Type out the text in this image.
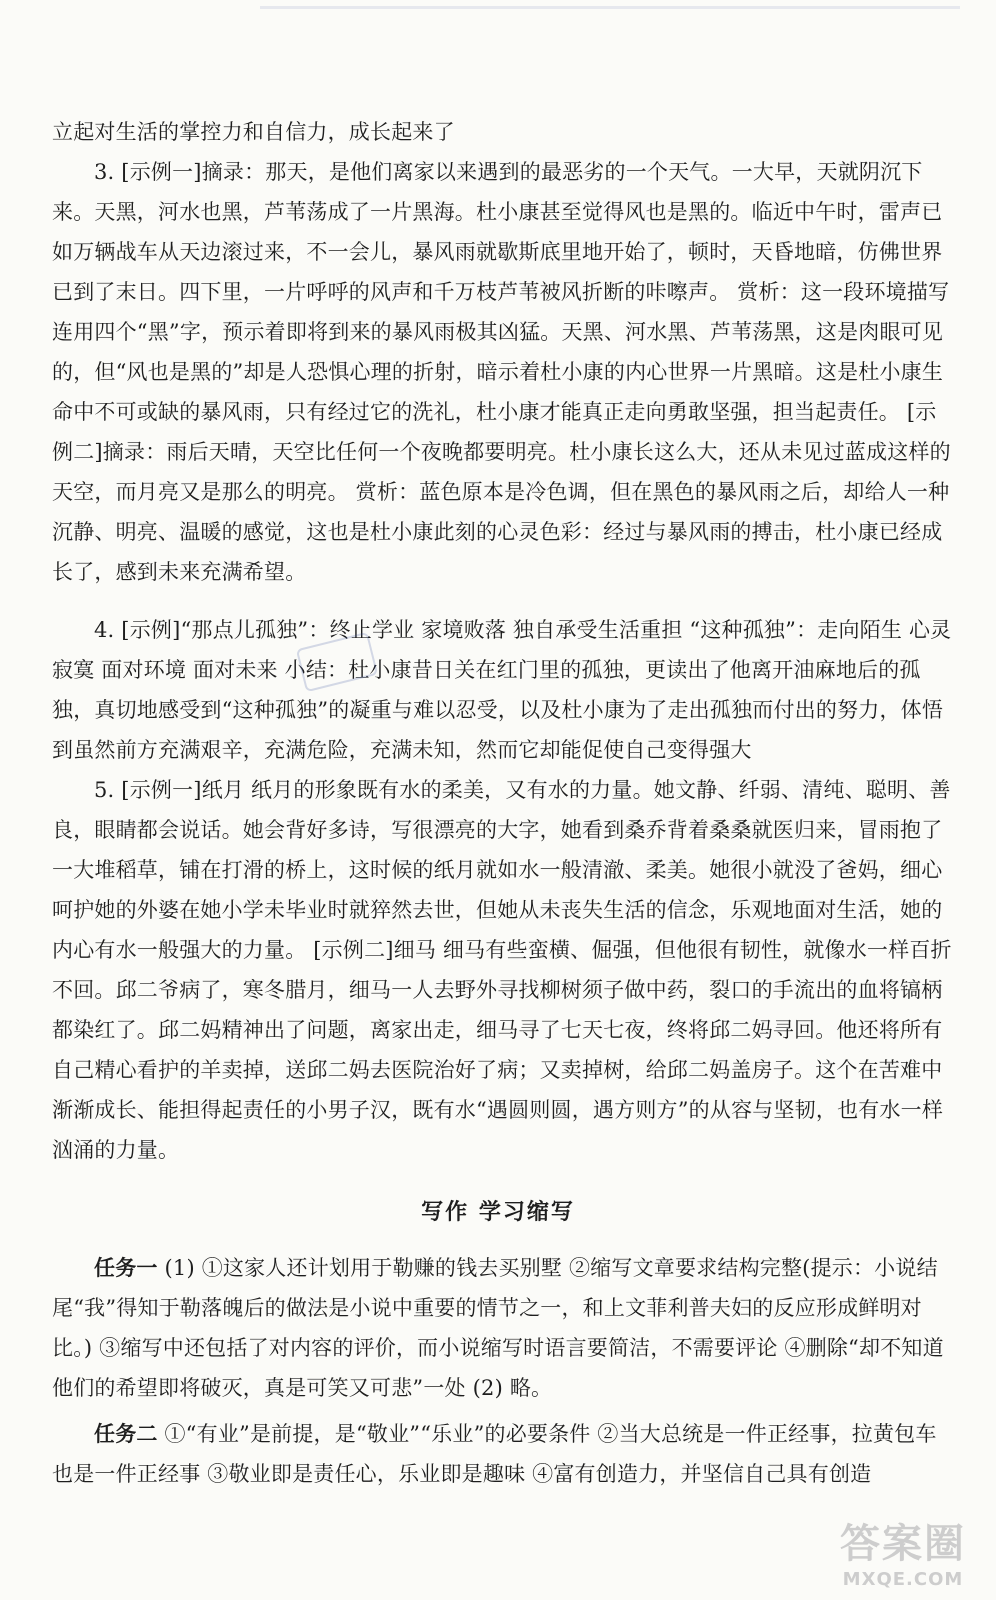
立起对生活的掌控力和自信力，成长起来了

3. [示例一]摘录：那天，是他们离家以来遇到的最恶劣的一个天气。一大早，天就阴沉下来。天黑，河水也黑，芦苇荡成了一片黑海。杜小康甚至觉得风也是黑的。临近中午时，雷声已如万辆战车从天边滚过来，不一会儿，暴风雨就歇斯底里地开始了，顿时，天昏地暗，仿佛世界已到了末日。四下里，一片呼呼的风声和千万枝芦苇被风折断的咔嚓声。 赏析：这一段环境描写连用四个“黑”字，预示着即将到来的暴风雨极其凶猛。天黑、河水黑、芦苇荡黑，这是肉眼可见的，但“风也是黑的”却是人恐惧心理的折射，暗示着杜小康的内心世界一片黑暗。这是杜小康生命中不可或缺的暴风雨，只有经过它的洗礼，杜小康才能真正走向勇敢坚强，担当起责任。 [示例二]摘录：雨后天晴，天空比任何一个夜晚都要明亮。杜小康长这么大，还从未见过蓝成这样的天空，而月亮又是那么的明亮。 赏析：蓝色原本是冷色调，但在黑色的暴风雨之后，却给人一种沉静、明亮、温暖的感觉，这也是杜小康此刻的心灵色彩：经过与暴风雨的搏击，杜小康已经成长了，感到未来充满希望。

4. [示例]“那点儿孤独”：终止学业 家境败落 独自承受生活重担 “这种孤独”：走向陌生 心灵寂寞 面对环境 面对未来 小结：杜小康昔日关在红门里的孤独，更读出了他离开油麻地后的孤独，真切地感受到“这种孤独”的凝重与难以忍受，以及杜小康为了走出孤独而付出的努力，体悟到虽然前方充满艰辛，充满危险，充满未知，然而它却能促使自己变得强大

5. [示例一]纸月 纸月的形象既有水的柔美，又有水的力量。她文静、纤弱、清纯、聪明、善良，眼睛都会说话。她会背好多诗，写很漂亮的大字，她看到桑乔背着桑桑就医归来，冒雨抱了一大堆稻草，铺在打滑的桥上，这时候的纸月就如水一般清澈、柔美。她很小就没了爸妈，细心呵护她的外婆在她小学未毕业时就猝然去世，但她从未丧失生活的信念，乐观地面对生活，她的内心有水一般强大的力量。 [示例二]细马 细马有些蛮横、倔强，但他很有韧性，就像水一样百折不回。邱二爷病了，寒冬腊月，细马一人去野外寻找柳树须子做中药，裂口的手流出的血将镐柄都染红了。邱二妈精神出了问题，离家出走，细马寻了七天七夜，终将邱二妈寻回。他还将所有自己精心看护的羊卖掉，送邱二妈去医院治好了病；又卖掉树，给邱二妈盖房子。这个在苦难中渐渐成长、能担得起责任的小男子汉，既有水“遇圆则圆，遇方则方”的从容与坚韧，也有水一样汹涌的力量。

写作 学习缩写

任务一 (1) ①这家人还计划用于勒赚的钱去买别墅 ②缩写文章要求结构完整(提示：小说结尾“我”得知于勒落魄后的做法是小说中重要的情节之一，和上文菲利普夫妇的反应形成鲜明对比。) ③缩写中还包括了对内容的评价，而小说缩写时语言要简洁，不需要评论 ④删除“却不知道他们的希望即将破灭，真是可笑又可悲”一处 (2) 略。

任务二 ①“有业”是前提，是“敬业”“乐业”的必要条件 ②当大总统是一件正经事，拉黄包车也是一件正经事 ③敬业即是责任心，乐业即是趣味 ④富有创造力，并坚信自己具有创造

答案圈
MXQE.COM
